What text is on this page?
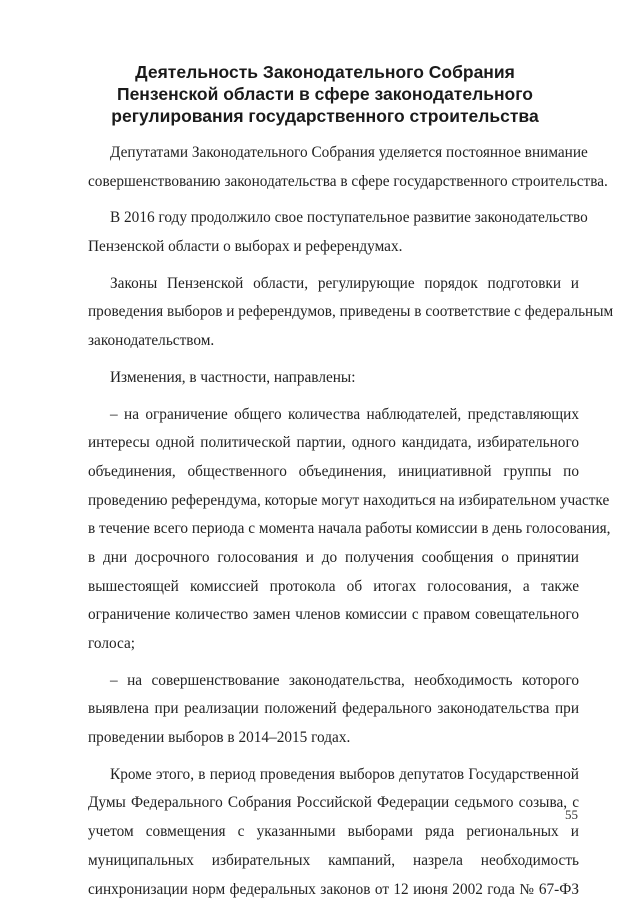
Деятельность Законодательного Собрания
Пензенской области в сфере законодательного
регулирования государственного строительства
Депутатами Законодательного Собрания уделяется постоянное внимание
совершенствованию законодательства в сфере государственного строительства.
В 2016 году продолжило свое поступательное развитие законодательство
Пензенской области о выборах и референдумах.
Законы Пензенской области, регулирующие порядок подготовки и
проведения выборов и референдумов, приведены в соответствие с федеральным
законодательством.
Изменения, в частности, направлены:
– на ограничение общего количества наблюдателей, представляющих
интересы одной политической партии, одного кандидата, избирательного
объединения, общественного объединения, инициативной группы по
проведению референдума, которые могут находиться на избирательном участке
в течение всего периода с момента начала работы комиссии в день голосования,
в дни досрочного голосования и до получения сообщения о принятии
вышестоящей комиссией протокола об итогах голосования, а также
ограничение количество замен членов комиссии с правом совещательного
голоса;
– на совершенствование законодательства, необходимость которого
выявлена при реализации положений федерального законодательства при
проведении выборов в 2014–2015 годах.
Кроме этого, в период проведения выборов депутатов Государственной
Думы Федерального Собрания Российской Федерации седьмого созыва, с
учетом совмещения с указанными выборами ряда региональных и
муниципальных избирательных кампаний, назрела необходимость
синхронизации норм федеральных законов от 12 июня 2002 года № 67-ФЗ
55
